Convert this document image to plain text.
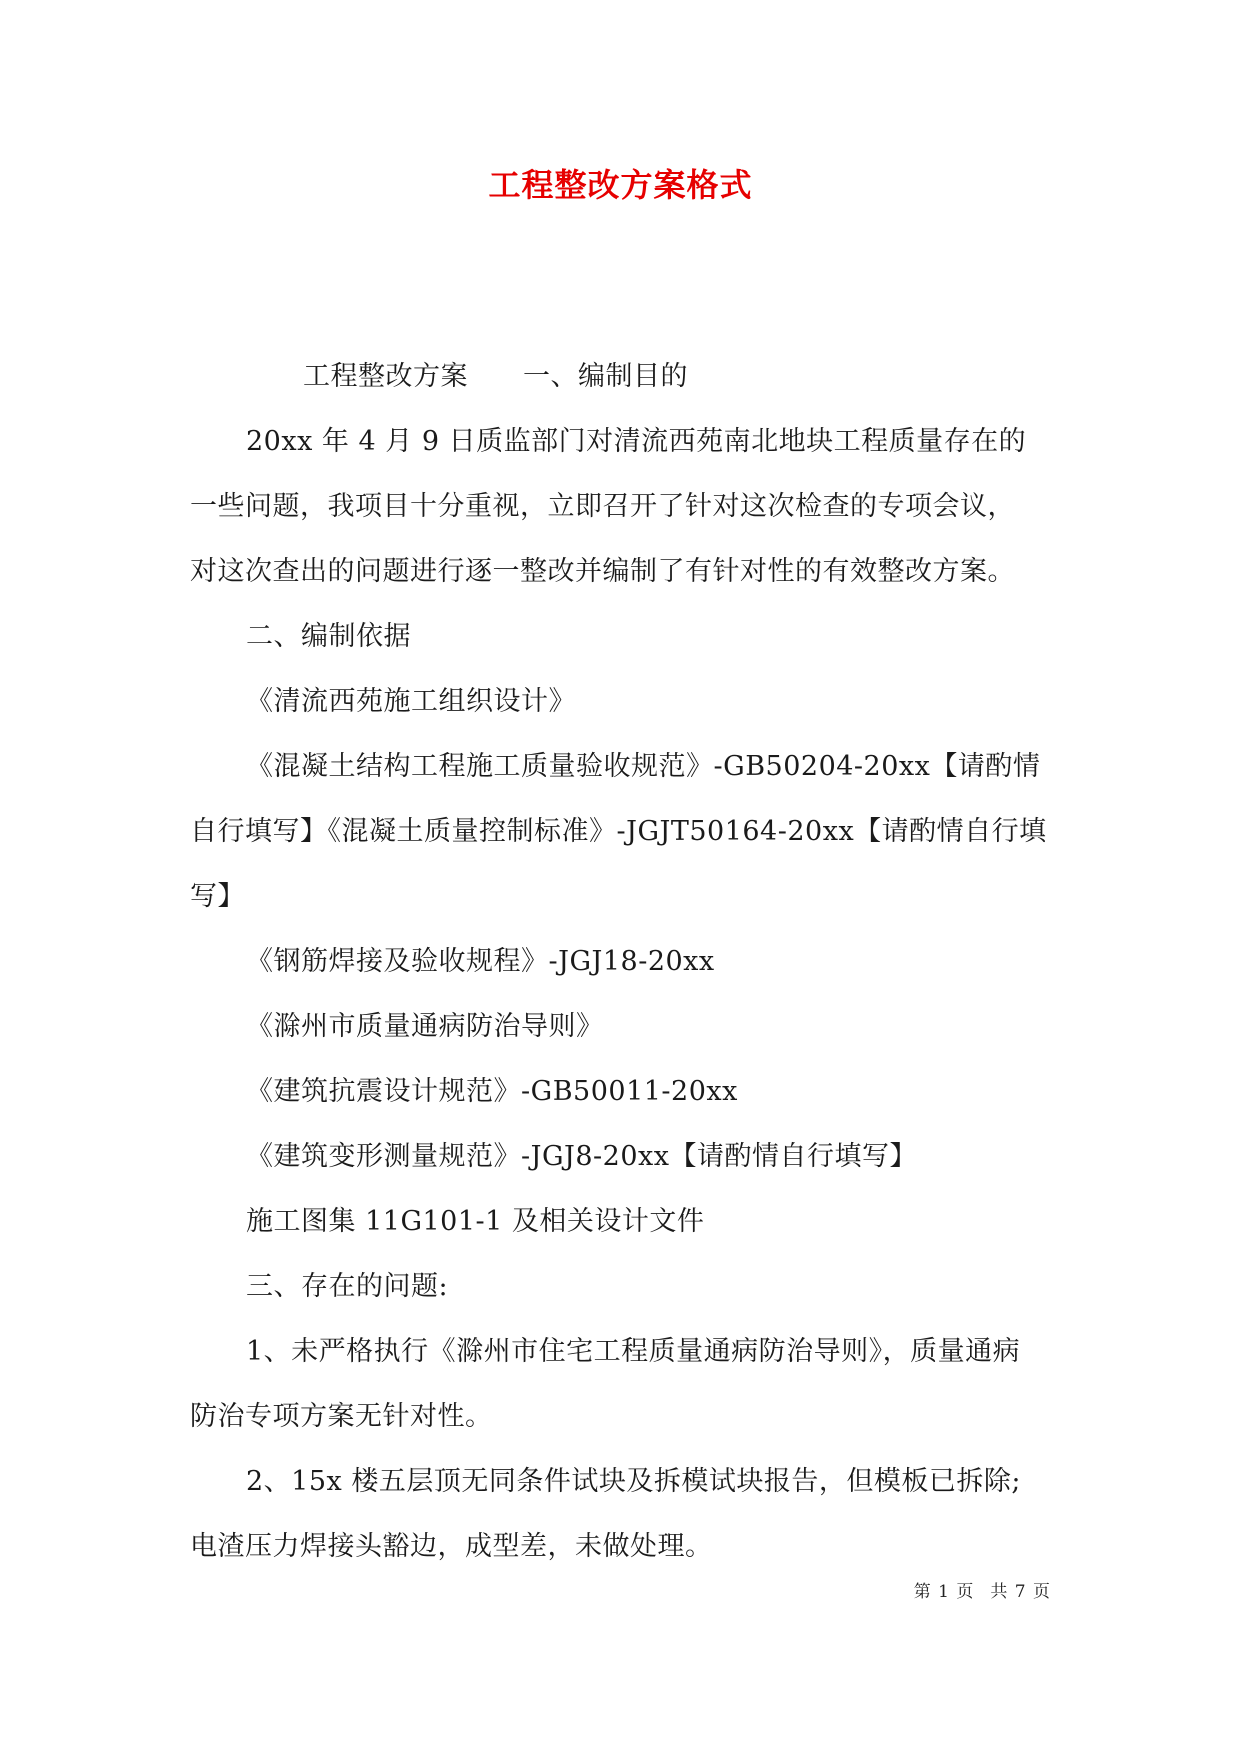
工程整改方案格式
工程整改方案　　一、编制目的
20xx 年 4 月 9 日质监部门对清流西苑南北地块工程质量存在的
一些问题，我项目十分重视，立即召开了针对这次检查的专项会议，
对这次查出的问题进行逐一整改并编制了有针对性的有效整改方案。
二、编制依据
《清流西苑施工组织设计》
《混凝土结构工程施工质量验收规范》-GB50204-20xx【请酌情
自行填写】《混凝土质量控制标准》-JGJT50164-20xx【请酌情自行填
写】
《钢筋焊接及验收规程》-JGJ18-20xx
《滁州市质量通病防治导则》
《建筑抗震设计规范》-GB50011-20xx
《建筑变形测量规范》-JGJ8-20xx【请酌情自行填写】
施工图集 11G101-1 及相关设计文件
三、存在的问题:
1、未严格执行《滁州市住宅工程质量通病防治导则》，质量通病
防治专项方案无针对性。
2、15x 楼五层顶无同条件试块及拆模试块报告，但模板已拆除;
电渣压力焊接头豁边，成型差，未做处理。
第 1 页　共 7 页
